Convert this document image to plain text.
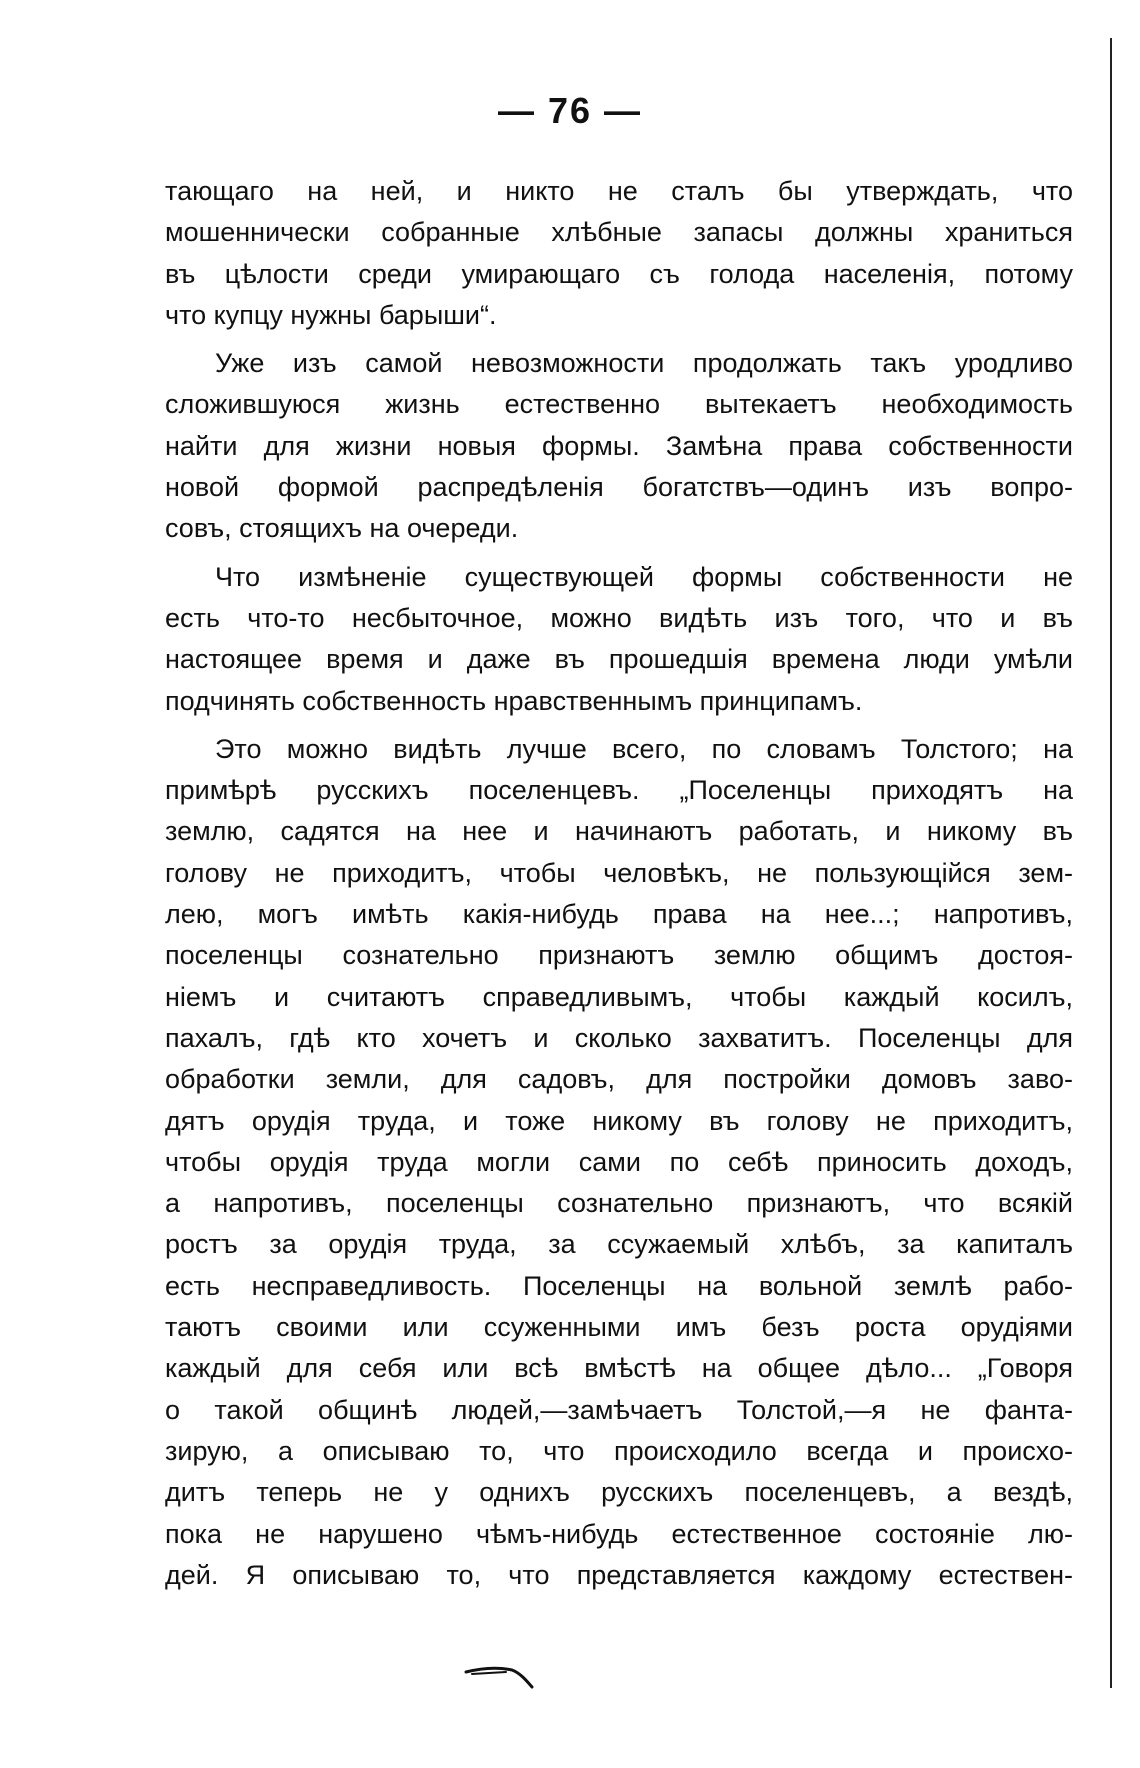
— 76 —
тающаго на ней, и никто не сталъ бы утверждать, что
мошеннически собранные хлѣбные запасы должны храниться
въ цѣлости среди умирающаго съ голода населенія, потому
что купцу нужны барыши“.
Уже изъ самой невозможности продолжать такъ уродливо
сложившуюся жизнь естественно вытекаетъ необходимость
найти для жизни новыя формы. Замѣна права собственности
новой формой распредѣленія богатствъ—одинъ изъ вопро-
совъ, стоящихъ на очереди.
Что измѣненіе существующей формы собственности не
есть что-то несбыточное, можно видѣть изъ того, что и въ
настоящее время и даже въ прошедшія времена люди умѣли
подчинять собственность нравственнымъ принципамъ.
Это можно видѣть лучше всего, по словамъ Толстого; на
примѣрѣ русскихъ поселенцевъ. „Поселенцы приходятъ на
землю, садятся на нее и начинаютъ работать, и никому въ
голову не приходитъ, чтобы человѣкъ, не пользующійся зем-
лею, могъ имѣть какія-нибудь права на нее...; напротивъ,
поселенцы сознательно признаютъ землю общимъ достоя-
ніемъ и считаютъ справедливымъ, чтобы каждый косилъ,
пахалъ, гдѣ кто хочетъ и сколько захватитъ. Поселенцы для
обработки земли, для садовъ, для постройки домовъ заво-
дятъ орудія труда, и тоже никому въ голову не приходитъ,
чтобы орудія труда могли сами по себѣ приносить доходъ,
а напротивъ, поселенцы сознательно признаютъ, что всякій
ростъ за орудія труда, за ссужаемый хлѣбъ, за капиталъ
есть несправедливость. Поселенцы на вольной землѣ рабо-
таютъ своими или ссуженными имъ безъ роста орудіями
каждый для себя или всѣ вмѣстѣ на общее дѣло... „Говоря
о такой общинѣ людей,—замѣчаетъ Толстой,—я не фанта-
зирую, а описываю то, что происходило всегда и происхо-
дитъ теперь не у однихъ русскихъ поселенцевъ, а вездѣ,
пока не нарушено чѣмъ-нибудь естественное состояніе лю-
дей. Я описываю то, что представляется каждому естествен-
